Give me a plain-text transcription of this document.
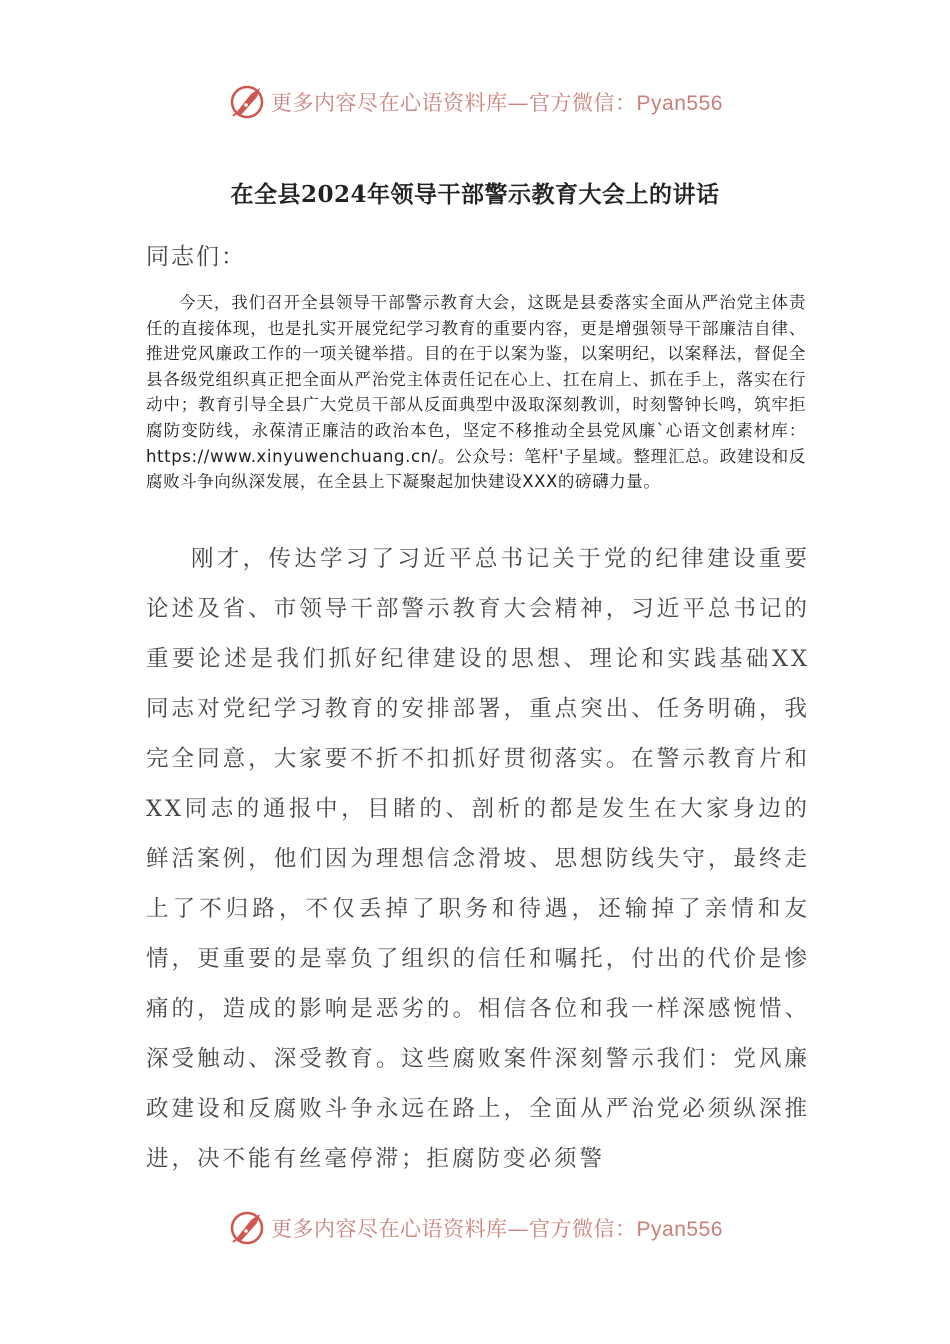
更多内容尽在心语资料库—官方微信：Pyan556
在全县2024年领导干部警示教育大会上的讲话
同志们：
今天，我们召开全县领导干部警示教育大会，这既是县委落实全面从严治党主体责任的直接体现，也是扎实开展党纪学习教育的重要内容，更是增强领导干部廉洁自律、推进党风廉政工作的一项关键举措。目的在于以案为鉴，以案明纪，以案释法，督促全县各级党组织真正把全面从严治党主体责任记在心上、扛在肩上、抓在手上，落实在行动中；教育引导全县广大党员干部从反面典型中汲取深刻教训，时刻警钟长鸣，筑牢拒腐防变防线，永葆清正廉洁的政治本色，坚定不移推动全县党风廉`心语文创素材库：https://www.xinyuwenchuang.cn/。公众号：笔杆'子星域。整理汇总。政建设和反腐败斗争向纵深发展，在全县上下凝聚起加快建设XXX的磅礴力量。
刚才，传达学习了习近平总书记关于党的纪律建设重要论述及省、市领导干部警示教育大会精神，习近平总书记的重要论述是我们抓好纪律建设的思想、理论和实践基础XX同志对党纪学习教育的安排部署，重点突出、任务明确，我完全同意，大家要不折不扣抓好贯彻落实。在警示教育片和XX同志的通报中，目睹的、剖析的都是发生在大家身边的鲜活案例，他们因为理想信念滑坡、思想防线失守，最终走上了不归路，不仅丢掉了职务和待遇，还输掉了亲情和友情，更重要的是辜负了组织的信任和嘱托，付出的代价是惨痛的，造成的影响是恶劣的。相信各位和我一样深感惋惜、深受触动、深受教育。这些腐败案件深刻警示我们：党风廉政建设和反腐败斗争永远在路上，全面从严治党必须纵深推进，决不能有丝毫停滞；拒腐防变必须警
更多内容尽在心语资料库—官方微信：Pyan556
